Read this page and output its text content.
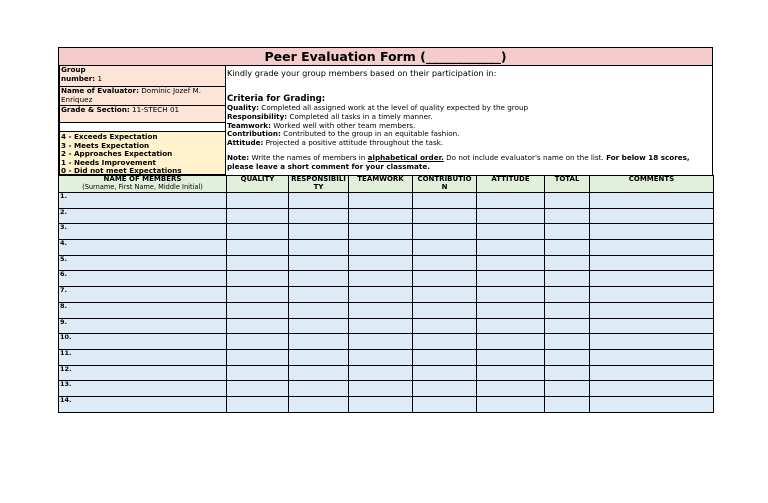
Peer Evaluation Form (____________)
Group
number: 1
Name of Evaluator: Dominic Jozef M.
Enriquez
Grade & Section: 11-STECH 01
4 - Exceeds Expectation
3 - Meets Expectation
2 - Approaches Expectation
1 - Needs Improvement
0 - Did not meet Expectations
Kindly grade your group members based on their participation in:
Criteria for Grading:
Quality: Completed all assigned work at the level of quality expected by the group
Responsibility: Completed all tasks in a timely manner.
Teamwork: Worked well with other team members.
Contribution: Contributed to the group in an equitable fashion.
Attitude: Projected a positive attitude throughout the task.
Note: Write the names of members in alphabetical order. Do not include evaluator's name on the list. For below 18 scores, please leave a short comment for your classmate.
NAME OF MEMBERS
(Surname, First Name, Middle Initial)	QUALITY	RESPONSIBILI TY	TEAMWORK	CONTRIBUTIO N	ATTITUDE	TOTAL	COMMENTS
1.							
2.							
3.							
4.							
5.							
6.							
7.							
8.							
9.							
10.							
11.							
12.							
13.							
14.							
